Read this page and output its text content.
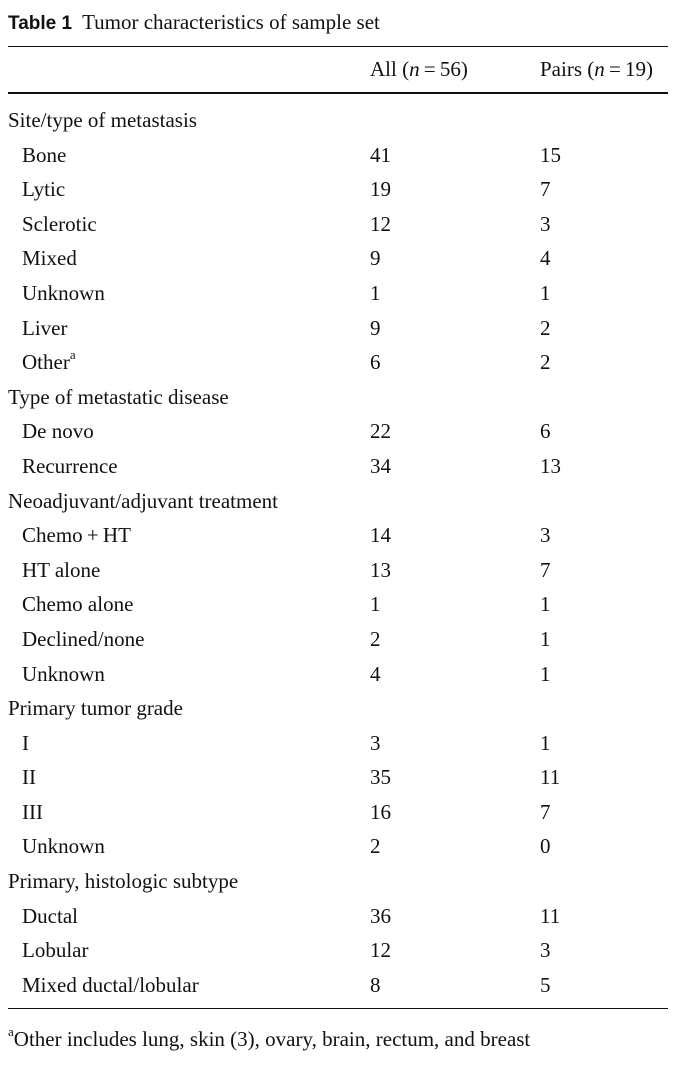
Table 1 Tumor characteristics of sample set
All (n = 56)	Pairs (n = 19)
Site/type of metastasis
Bone	41	15
Lytic	19	7
Sclerotic	12	3
Mixed	9	4
Unknown	1	1
Liver	9	2
Other$^a$	6	2
Type of metastatic disease
De novo	22	6
Recurrence	34	13
Neoadjuvant/adjuvant treatment
Chemo + HT	14	3
HT alone	13	7
Chemo alone	1	1
Declined/none	2	1
Unknown	4	1
Primary tumor grade
I	3	1
II	35	11
III	16	7
Unknown	2	0
Primary, histologic subtype
Ductal	36	11
Lobular	12	3
Mixed ductal/lobular	8	5
$^a$Other includes lung, skin (3), ovary, brain, rectum, and breast
